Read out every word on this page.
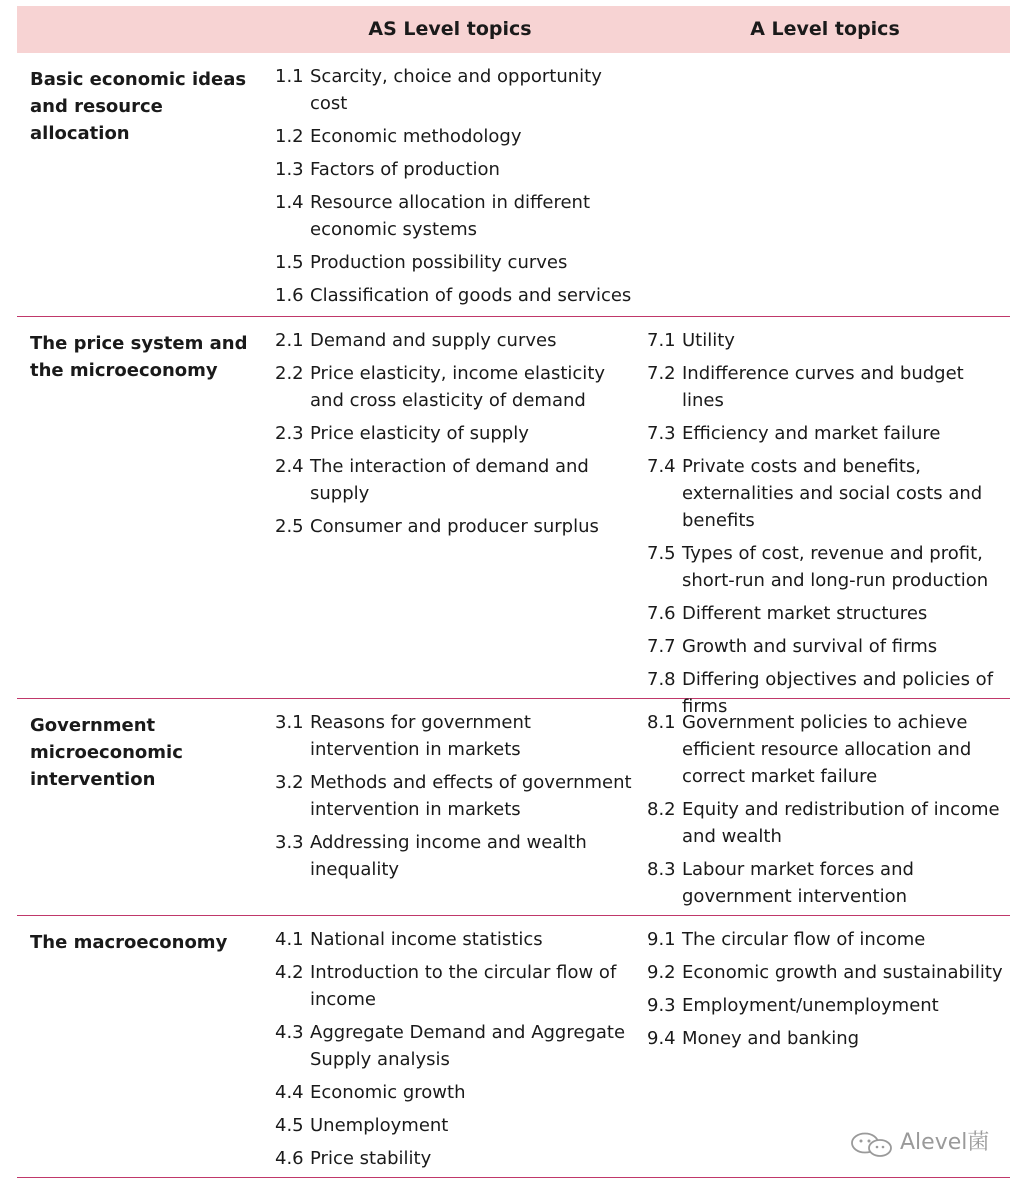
AS Level topics	A Level topics
Basic economic ideas and resource allocation
1.1 Scarcity, choice and opportunity cost
1.2 Economic methodology
1.3 Factors of production
1.4 Resource allocation in different economic systems
1.5 Production possibility curves
1.6 Classification of goods and services
The price system and the microeconomy
2.1 Demand and supply curves
2.2 Price elasticity, income elasticity and cross elasticity of demand
2.3 Price elasticity of supply
2.4 The interaction of demand and supply
2.5 Consumer and producer surplus
7.1 Utility
7.2 Indifference curves and budget lines
7.3 Efficiency and market failure
7.4 Private costs and benefits, externalities and social costs and benefits
7.5 Types of cost, revenue and profit, short-run and long-run production
7.6 Different market structures
7.7 Growth and survival of firms
7.8 Differing objectives and policies of firms
Government microeconomic intervention
3.1 Reasons for government intervention in markets
3.2 Methods and effects of government intervention in markets
3.3 Addressing income and wealth inequality
8.1 Government policies to achieve efficient resource allocation and correct market failure
8.2 Equity and redistribution of income and wealth
8.3 Labour market forces and government intervention
The macroeconomy	4.1 National income statistics
4.2 Introduction to the circular flow of income
4.3 Aggregate Demand and Aggregate Supply analysis
4.4 Economic growth
4.5 Unemployment
4.6 Price stability
9.1 The circular flow of income
9.2 Economic growth and sustainability
9.3 Employment/unemployment
9.4 Money and banking
Alevel菌
